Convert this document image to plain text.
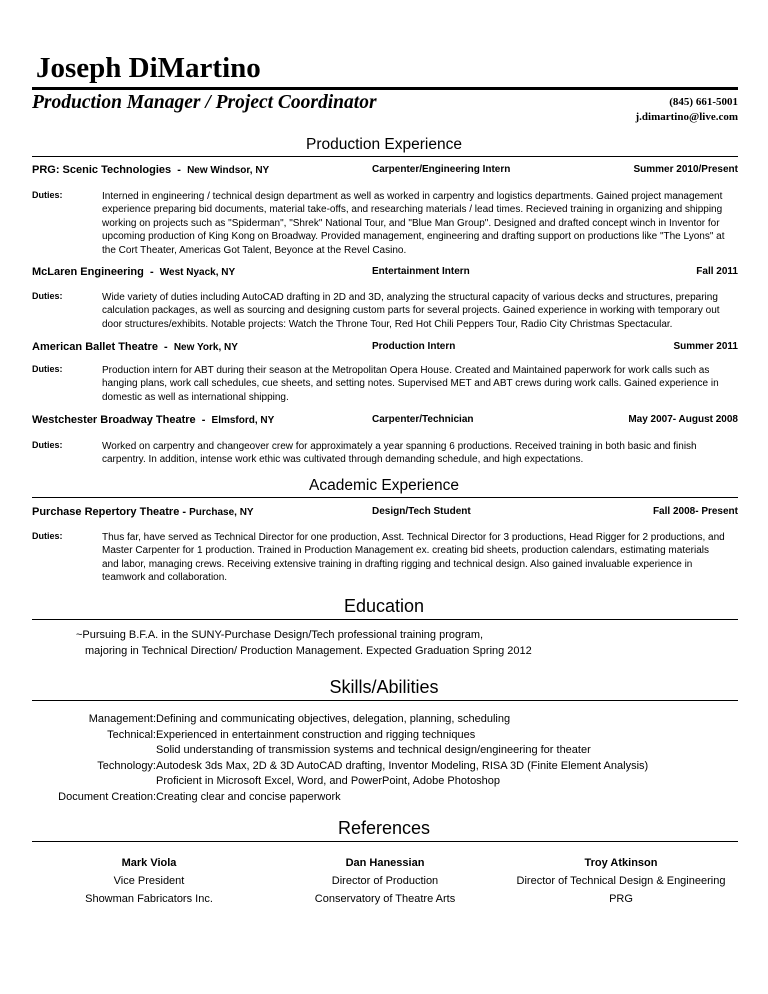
Joseph DiMartino
Production Manager / Project Coordinator	(845) 661-5001
j.dimartino@live.com
Production Experience
PRG: Scenic Technologies  -  New Windsor, NY	Carpenter/Engineering Intern	Summer 2010/Present
Duties:	Interned in engineering / technical design department as well as worked in carpentry and logistics departments. Gained project management
experience preparing bid documents, material take-offs, and researching materials / lead times. Recieved training in organizing and shipping
working on projects such as "Spiderman", "Shrek" National Tour, and "Blue Man Group". Designed and drafted concept winch in Inventor for
upcoming production of King Kong on Broadway. Provided management, engineering and drafting support on productions like "The Lyons" at
the Cort Theater, Americas Got Talent, Beyonce at the Revel Casino.
McLaren Engineering  -  West Nyack, NY	Entertainment Intern	Fall 2011
Duties:	Wide variety of duties including AutoCAD drafting in 2D and 3D, analyzing the structural capacity of various decks and structures, preparing
calculation packages, as well as sourcing and designing custom parts for several projects. Gained experience in working with temporary out
door structures/exhibits. Notable projects: Watch the Throne Tour, Red Hot Chili Peppers Tour, Radio City Christmas Spectacular.
American Ballet Theatre  -  New York, NY	Production Intern	Summer 2011
Duties:	Production intern for ABT during their season at the Metropolitan Opera House. Created and Maintained paperwork for work calls such as
hanging plans, work call schedules, cue sheets, and setting notes. Supervised MET and ABT crews during work calls. Gained experience in
domestic as well as international shipping.
Westchester Broadway Theatre  -  Elmsford, NY	Carpenter/Technician	May 2007- August 2008
Duties:	Worked on carpentry and changeover crew for approximately a year spanning 6 productions. Received training in both basic and finish
carpentry. In addition, intense work ethic was cultivated through demanding schedule, and high expectations.
Academic Experience
Purchase Repertory Theatre - Purchase, NY	Design/Tech Student	Fall 2008- Present
Duties:	Thus far, have served as Technical Director for one production, Asst. Technical Director for 3 productions, Head Rigger for 2 productions, and
Master Carpenter for 1 production. Trained in Production Management ex. creating bid sheets, production calendars, estimating materials
and labor, managing crews. Receiving extensive training in drafting rigging and technical design. Also gained invaluable experience in
teamwork and collaboration.
Education
~Pursuing B.F.A. in the SUNY-Purchase Design/Tech professional training program,
majoring in Technical Direction/ Production Management. Expected Graduation Spring 2012
Skills/Abilities
Management: Defining and communicating objectives, delegation, planning, scheduling
Technical: Experienced in entertainment construction and rigging techniques
Solid understanding of transmission systems and technical design/engineering for theater
Technology: Autodesk 3ds Max, 2D & 3D AutoCAD drafting, Inventor Modeling, RISA 3D (Finite Element Analysis)
Proficient in Microsoft Excel, Word, and PowerPoint, Adobe Photoshop
Document Creation: Creating clear and concise paperwork
References
Mark Viola
Vice President
Showman Fabricators Inc.
Dan Hanessian
Director of Production
Conservatory of Theatre Arts
Troy Atkinson
Director of Technical Design & Engineering
PRG
